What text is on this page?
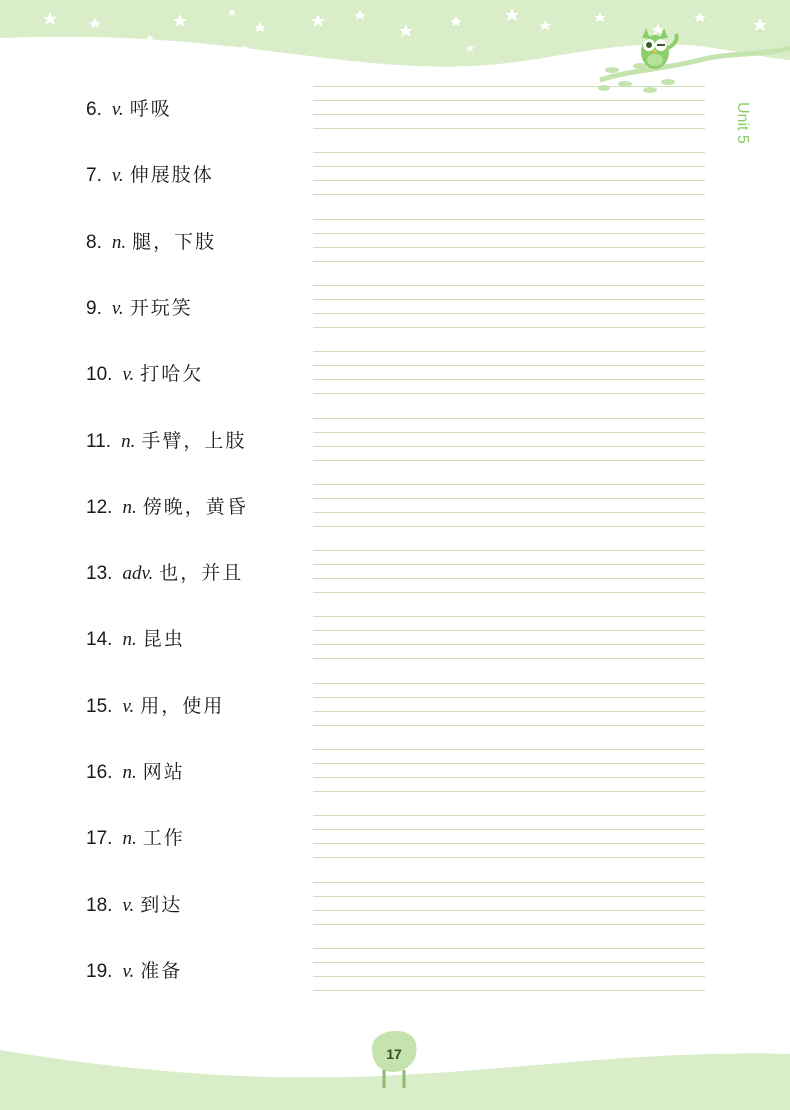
Unit 5
6. v. 呼吸
7. v. 伸展肢体
8. n. 腿，下肢
9. v. 开玩笑
10. v. 打哈欠
11. n. 手臂，上肢
12. n. 傍晚，黄昏
13. adv. 也，并且
14. n. 昆虫
15. v. 用，使用
16. n. 网站
17. n. 工作
18. v. 到达
19. v. 准备
17
